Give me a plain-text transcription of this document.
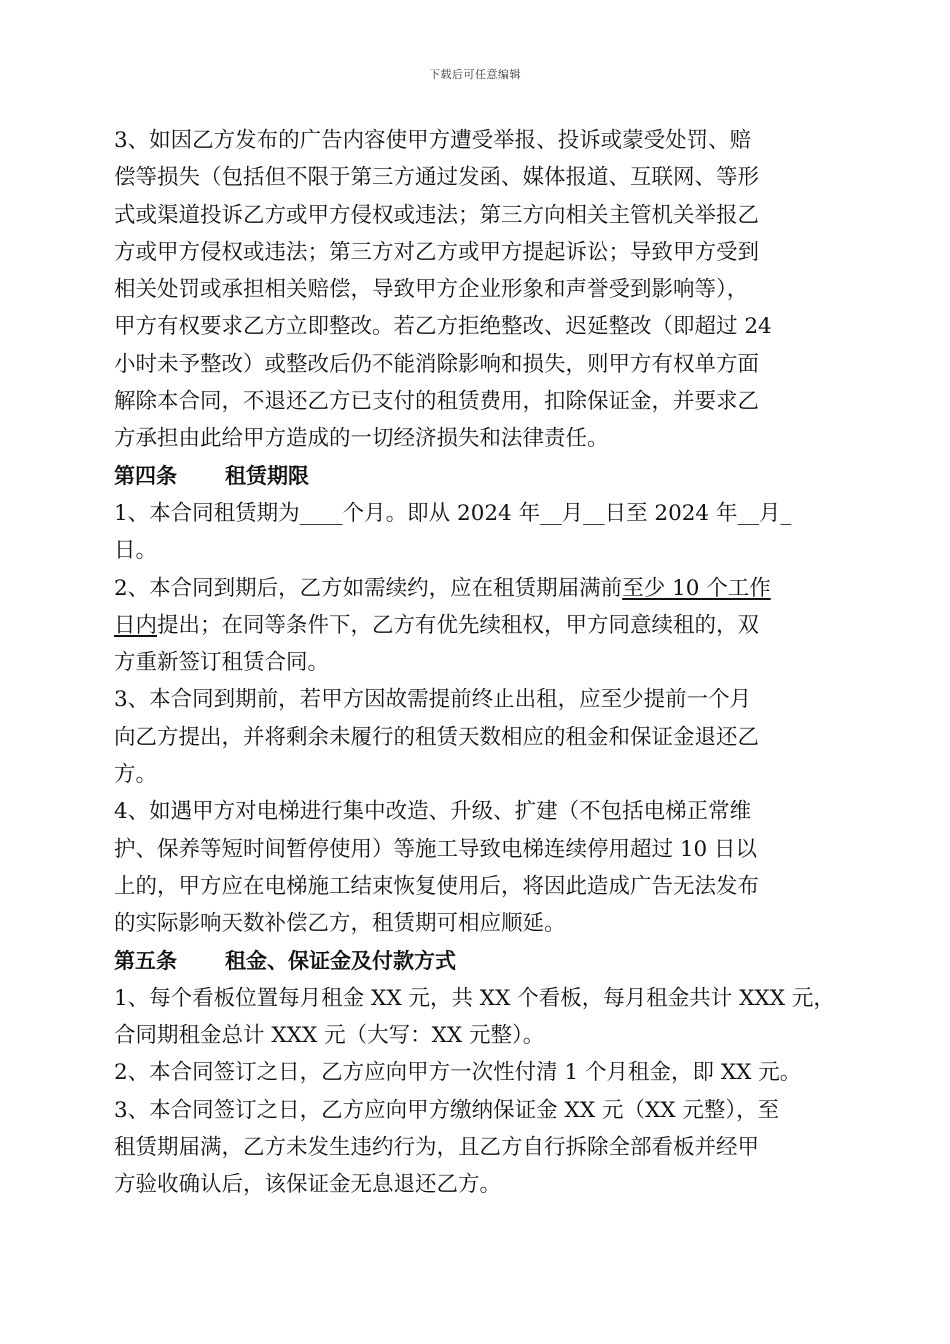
下载后可任意编辑
3、如因乙方发布的广告内容使甲方遭受举报、投诉或蒙受处罚、赔
偿等损失（包括但不限于第三方通过发函、媒体报道、互联网、等形
式或渠道投诉乙方或甲方侵权或违法；第三方向相关主管机关举报乙
方或甲方侵权或违法；第三方对乙方或甲方提起诉讼；导致甲方受到
相关处罚或承担相关赔偿，导致甲方企业形象和声誉受到影响等），
甲方有权要求乙方立即整改。若乙方拒绝整改、迟延整改（即超过 24
小时未予整改）或整改后仍不能消除影响和损失，则甲方有权单方面
解除本合同，不退还乙方已支付的租赁费用，扣除保证金，并要求乙
方承担由此给甲方造成的一切经济损失和法律责任。
第四条 租赁期限
1、本合同租赁期为____个月。即从 2024 年__月__日至 2024 年__月_
日。
2、本合同到期后，乙方如需续约，应在租赁期届满前至少 10 个工作
日内提出；在同等条件下，乙方有优先续租权，甲方同意续租的，双
方重新签订租赁合同。
3、本合同到期前，若甲方因故需提前终止出租，应至少提前一个月
向乙方提出，并将剩余未履行的租赁天数相应的租金和保证金退还乙
方。
4、如遇甲方对电梯进行集中改造、升级、扩建（不包括电梯正常维
护、保养等短时间暂停使用）等施工导致电梯连续停用超过 10 日以
上的，甲方应在电梯施工结束恢复使用后，将因此造成广告无法发布
的实际影响天数补偿乙方，租赁期可相应顺延。
第五条 租金、保证金及付款方式
1、每个看板位置每月租金 XX 元，共 XX 个看板，每月租金共计 XXX 元，
合同期租金总计 XXX 元（大写：XX 元整）。
2、本合同签订之日，乙方应向甲方一次性付清 1 个月租金，即 XX 元。
3、本合同签订之日，乙方应向甲方缴纳保证金 XX 元（XX 元整），至
租赁期届满，乙方未发生违约行为，且乙方自行拆除全部看板并经甲
方验收确认后，该保证金无息退还乙方。
